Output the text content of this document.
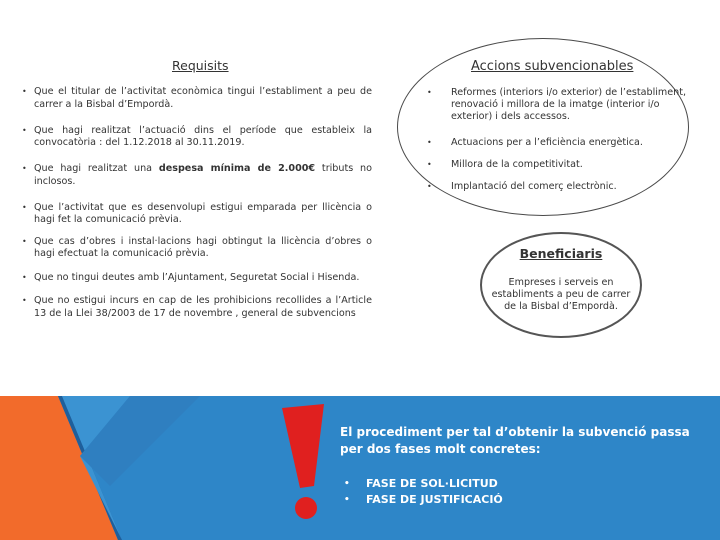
Requisits
• Que el titular de l’activitat econòmica tingui l’establiment a peu de carrer a la Bisbal d’Empordà.
• Que hagi realitzat l’actuació dins el període que estableix la convocatòria : del 1.12.2018 al 30.11.2019.
• Que hagi realitzat una despesa mínima de 2.000€ tributs no inclosos.
• Que l’activitat que es desenvolupi estigui emparada per llicència o hagi fet la comunicació prèvia.
• Que cas d’obres i instal·lacions hagi obtingut la llicència d’obres o hagi efectuat la comunicació prèvia.
• Que no tingui deutes amb l’Ajuntament, Seguretat Social i Hisenda.
• Que no estigui incurs en cap de les prohibicions recollides a l’Article 13 de la Llei 38/2003 de 17 de novembre , general de subvencions
Accions subvencionables
• Reformes (interiors i/o exterior) de l’establiment, renovació i millora de la imatge (interior i/o exterior) i dels accessos.
• Actuacions per a l’eficiència energètica.
• Millora de la competitivitat.
• Implantació del comerç electrònic.
Beneficiaris
Empreses i serveis en establiments a peu de carrer de la Bisbal d’Empordà.
El procediment per tal d’obtenir la subvenció passa per dos fases molt concretes:
• FASE DE SOL·LICITUD
• FASE DE JUSTIFICACIÓ
